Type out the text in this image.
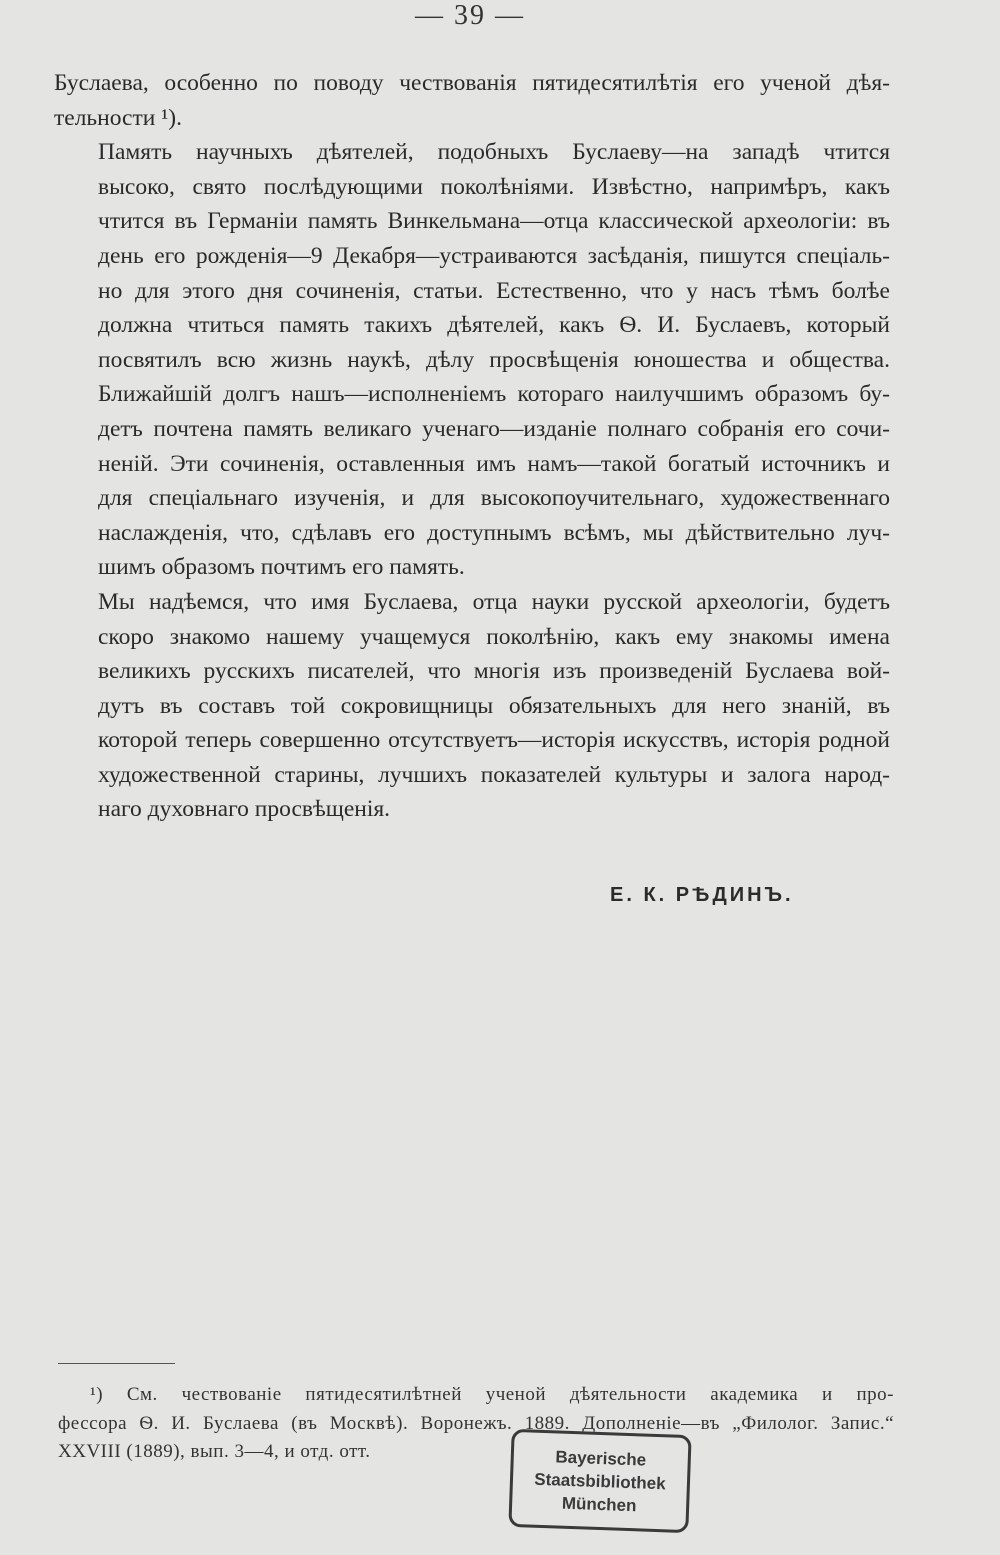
— 39 —

Буслаева, особенно по поводу чествованія пятидесятилѣтія его ученой дѣя-
тельности ¹).

Память научныхъ дѣятелей, подобныхъ Буслаеву—на западѣ чтится
высоко, свято послѣдующими поколѣніями. Извѣстно, напримѣръ, какъ
чтится въ Германіи память Винкельмана—отца классической археологіи: въ
день его рожденія—9 Декабря—устраиваются засѣданія, пишутся спеціаль-
но для этого дня сочиненія, статьи. Естественно, что у насъ тѣмъ болѣе
должна чтиться память такихъ дѣятелей, какъ Ѳ. И. Буслаевъ, который
посвятилъ всю жизнь наукѣ, дѣлу просвѣщенія юношества и общества.
Ближайшій долгъ нашъ—исполненіемъ котораго наилучшимъ образомъ бу-
детъ почтена память великаго ученаго—изданіе полнаго собранія его сочи-
неній. Эти сочиненія, оставленныя имъ намъ—такой богатый источникъ и
для спеціальнаго изученія, и для высокопоучительнаго, художественнаго
наслажденія, что, сдѣлавъ его доступнымъ всѣмъ, мы дѣйствительно луч-
шимъ образомъ почтимъ его память.

Мы надѣемся, что имя Буслаева, отца науки русской археологіи, будетъ
скоро знакомо нашему учащемуся поколѣнію, какъ ему знакомы имена
великихъ русскихъ писателей, что многія изъ произведеній Буслаева вой-
дутъ въ составъ той сокровищницы обязательныхъ для него знаній, въ
которой теперь совершенно отсутствуетъ—исторія искусствъ, исторія родной
художественной старины, лучшихъ показателей культуры и залога народ-
наго духовнаго просвѣщенія.

Е. К. РѢДИНЪ.
¹) См. чествованіе пятидесятилѣтней ученой дѣятельности академика и про-
фессора Ѳ. И. Буслаева (въ Москвѣ). Воронежъ. 1889. Дополненіе—въ „Филолог. Запис.“
XXVIII (1889), вып. 3—4, и отд. отт.	Bayerische
Staatsbibliothek
München
